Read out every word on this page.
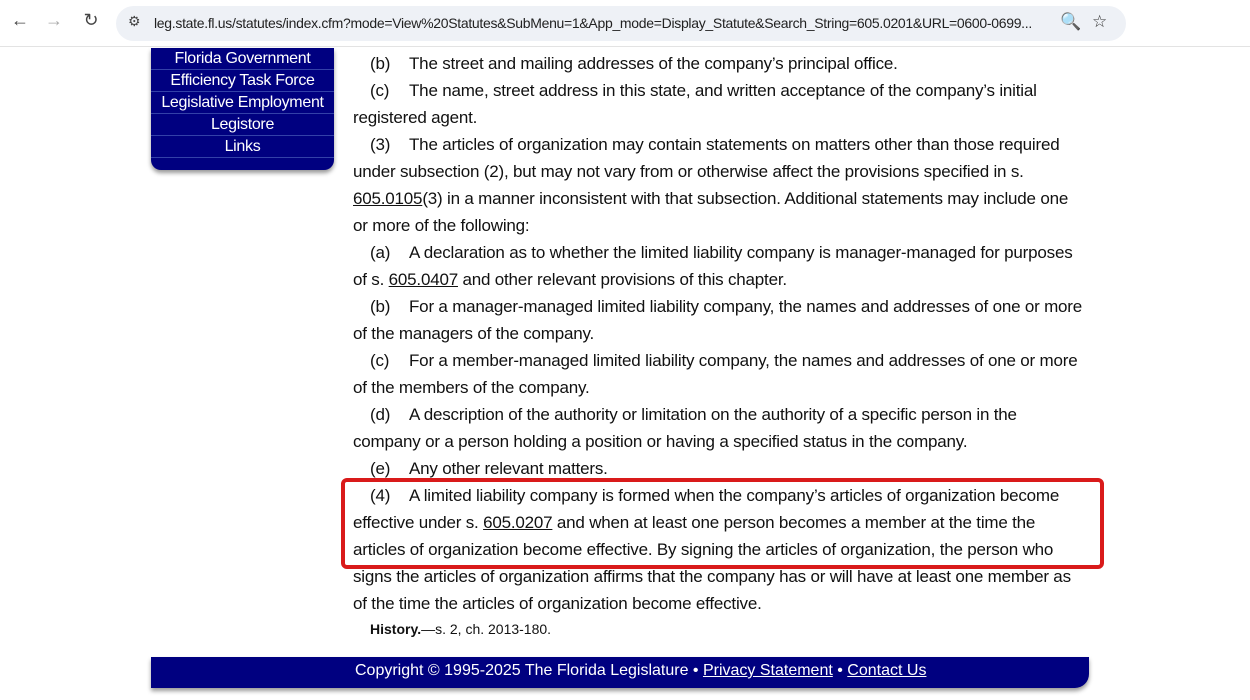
← → ↻	⚙ leg.state.fl.us/statutes/index.cfm?mode=View%20Statutes&SubMenu=1&App_mode=Display_Statute&Search_String=605.0201&URL=0600-0699... 🔍 ☆
Florida Government
Efficiency Task Force
Legislative Employment
Legistore
Links
(b) The street and mailing addresses of the company’s principal office.
(c) The name, street address in this state, and written acceptance of the company’s initial
registered agent.
(3) The articles of organization may contain statements on matters other than those required
under subsection (2), but may not vary from or otherwise affect the provisions specified in s.
605.0105(3) in a manner inconsistent with that subsection. Additional statements may include one
or more of the following:
(a) A declaration as to whether the limited liability company is manager-managed for purposes
of s. 605.0407 and other relevant provisions of this chapter.
(b) For a manager-managed limited liability company, the names and addresses of one or more
of the managers of the company.
(c) For a member-managed limited liability company, the names and addresses of one or more
of the members of the company.
(d) A description of the authority or limitation on the authority of a specific person in the
company or a person holding a position or having a specified status in the company.
(e) Any other relevant matters.
(4) A limited liability company is formed when the company’s articles of organization become
effective under s. 605.0207 and when at least one person becomes a member at the time the
articles of organization become effective. By signing the articles of organization, the person who
signs the articles of organization affirms that the company has or will have at least one member as
of the time the articles of organization become effective.
History.—s. 2, ch. 2013-180.
Copyright © 1995-2025 The Florida Legislature • Privacy Statement • Contact Us
